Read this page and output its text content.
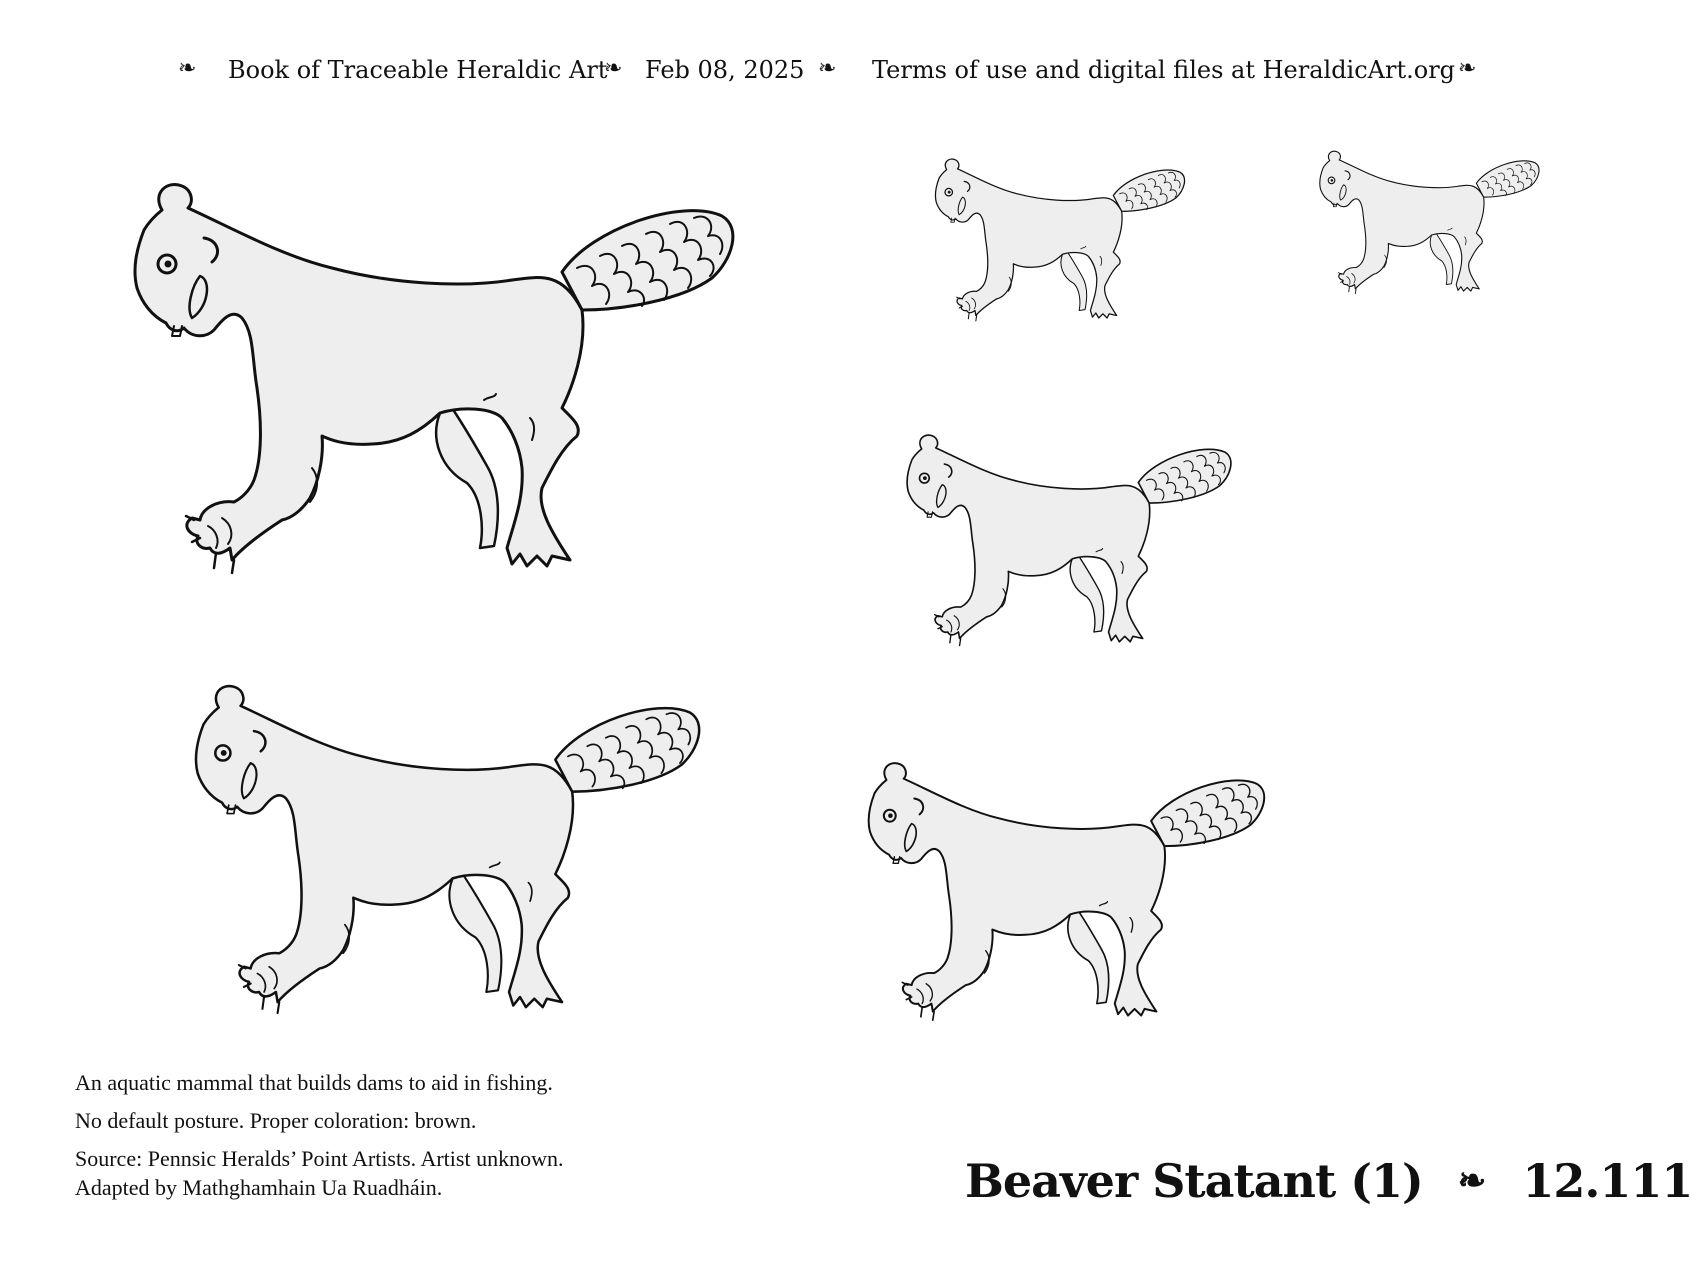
❧ Book of Traceable Heraldic Art
❧ Feb 08, 2025 ❧ Terms of use and digital files at HeraldicArt.org ❧

An aquatic mammal that builds dams to aid in fishing.

No default posture. Proper coloration: brown.

Source: Pennsic Heralds’ Point Artists. Artist unknown.

Adapted by Mathghamhain Ua Ruadháin.	Beaver Statant (1) ❧ 12.111
